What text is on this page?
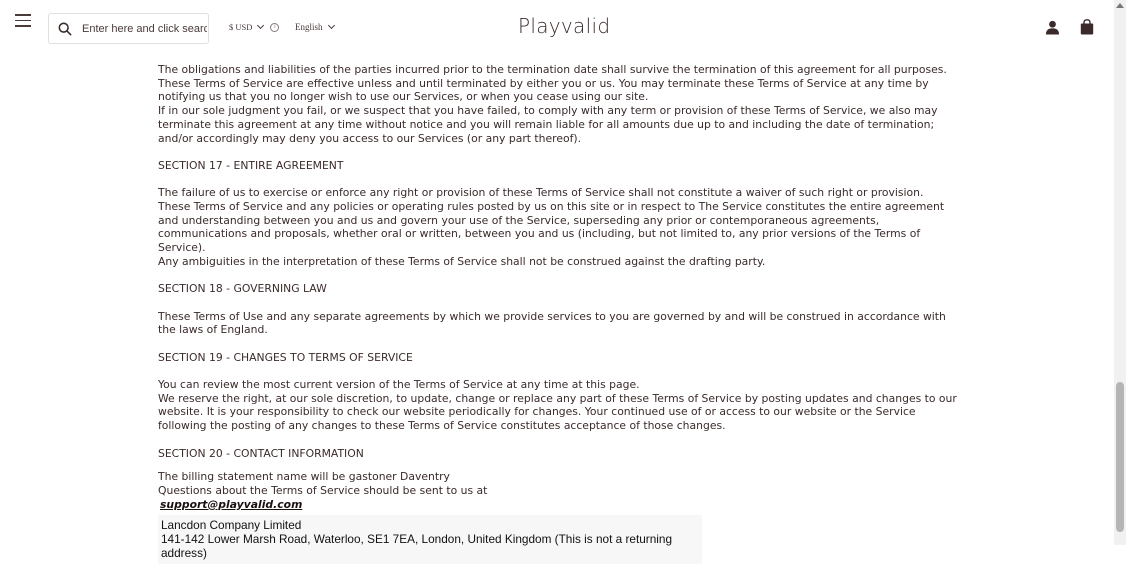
Enter here and click search
$ USD	i	English	Playvalid

The obligations and liabilities of the parties incurred prior to the termination date shall survive the termination of this agreement for all purposes.

These Terms of Service are effective unless and until terminated by either you or us. You may terminate these Terms of Service at any time by notifying us that you no longer wish to use our Services, or when you cease using our site.

If in our sole judgment you fail, or we suspect that you have failed, to comply with any term or provision of these Terms of Service, we also may terminate this agreement at any time without notice and you will remain liable for all amounts due up to and including the date of termination; and/or accordingly may deny you access to our Services (or any part thereof).

SECTION 17 - ENTIRE AGREEMENT

The failure of us to exercise or enforce any right or provision of these Terms of Service shall not constitute a waiver of such right or provision.

These Terms of Service and any policies or operating rules posted by us on this site or in respect to The Service constitutes the entire agreement and understanding between you and us and govern your use of the Service, superseding any prior or contemporaneous agreements, communications and proposals, whether oral or written, between you and us (including, but not limited to, any prior versions of the Terms of Service).

Any ambiguities in the interpretation of these Terms of Service shall not be construed against the drafting party.

SECTION 18 - GOVERNING LAW

These Terms of Use and any separate agreements by which we provide services to you are governed by and will be construed in accordance with the laws of England.

SECTION 19 - CHANGES TO TERMS OF SERVICE

You can review the most current version of the Terms of Service at any time at this page.

We reserve the right, at our sole discretion, to update, change or replace any part of these Terms of Service by posting updates and changes to our website. It is your responsibility to check our website periodically for changes. Your continued use of or access to our website or the Service following the posting of any changes to these Terms of Service constitutes acceptance of those changes.

SECTION 20 - CONTACT INFORMATION

The billing statement name will be gastoner Daventry

Questions about the Terms of Service should be sent to us at

support@playvalid.com
Lancdon Company Limited
141-142 Lower Marsh Road, Waterloo, SE1 7EA, London, United Kingdom (This is not a returning address)
